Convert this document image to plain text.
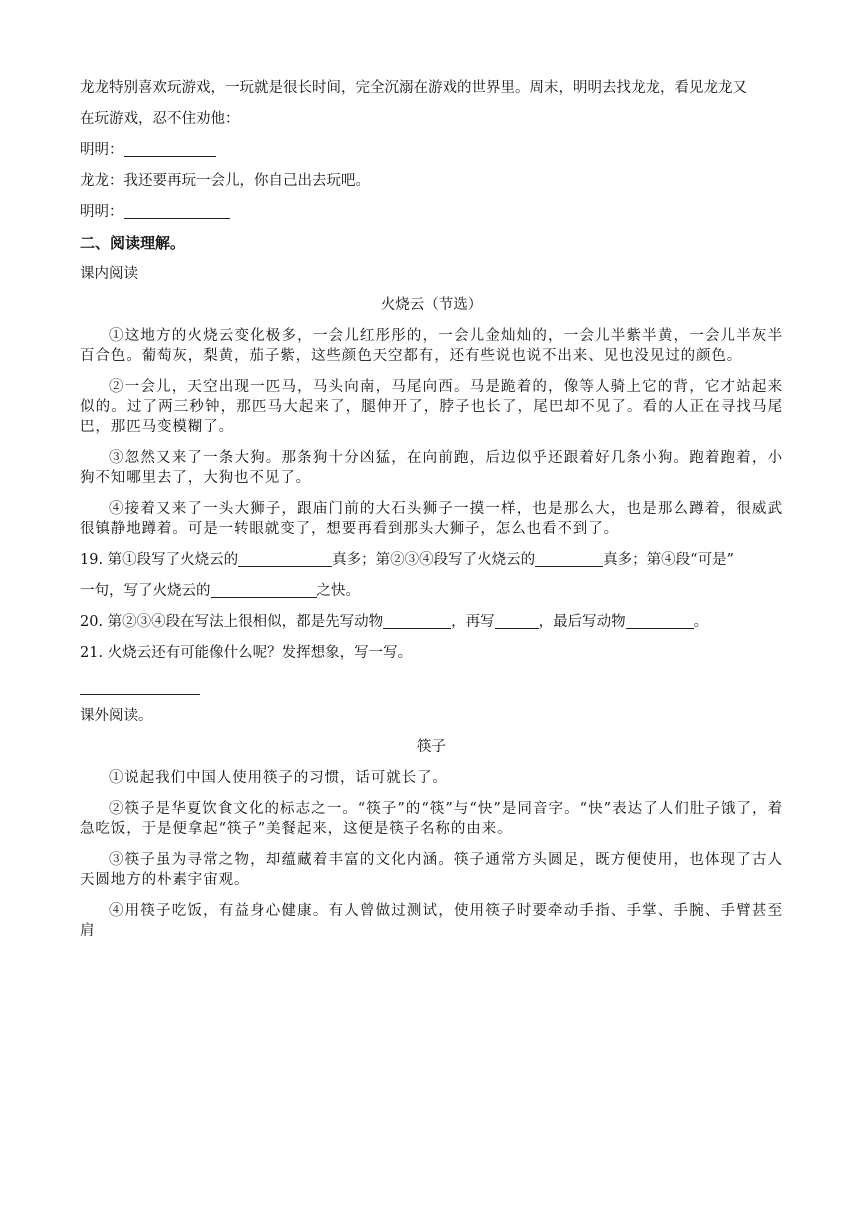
龙龙特别喜欢玩游戏，一玩就是很长时间，完全沉溺在游戏的世界里。周末，明明去找龙龙，看见龙龙又

在玩游戏，忍不住劝他：

明明：

龙龙：我还要再玩一会儿，你自己出去玩吧。

明明：

二、阅读理解。

课内阅读

火烧云（节选）

①这地方的火烧云变化极多，一会儿红彤彤的，一会儿金灿灿的，一会儿半紫半黄，一会儿半灰半百合色。葡萄灰，梨黄，茄子紫，这些颜色天空都有，还有些说也说不出来、见也没见过的颜色。

②一会儿，天空出现一匹马，马头向南，马尾向西。马是跪着的，像等人骑上它的背，它才站起来似的。过了两三秒钟，那匹马大起来了，腿伸开了，脖子也长了，尾巴却不见了。看的人正在寻找马尾巴，那匹马变模糊了。

③忽然又来了一条大狗。那条狗十分凶猛，在向前跑，后边似乎还跟着好几条小狗。跑着跑着，小狗不知哪里去了，大狗也不见了。

④接着又来了一头大狮子，跟庙门前的大石头狮子一摸一样，也是那么大，也是那么蹲着，很威武很镇静地蹲着。可是一转眼就变了，想要再看到那头大狮子，怎么也看不到了。

19. 第①段写了火烧云的	真多；第②③④段写了火烧云的	真多；第④段“可是”

一句，写了火烧云的	之快。

20. 第②③④段在写法上很相似，都是先写动物	，再写	，最后写动物	。

21. 火烧云还有可能像什么呢？发挥想象，写一写。

课外阅读。

筷子

①说起我们中国人使用筷子的习惯，话可就长了。

②筷子是华夏饮食文化的标志之一。“筷子”的“筷”与“快”是同音字。“快”表达了人们肚子饿了，着急吃饭，于是便拿起“筷子”美餐起来，这便是筷子名称的由来。

③筷子虽为寻常之物，却蕴藏着丰富的文化内涵。筷子通常方头圆足，既方便使用，也体现了古人天圆地方的朴素宇宙观。

④用筷子吃饭，有益身心健康。有人曾做过测试，使用筷子时要牵动手指、手掌、手腕、手臂甚至肩
